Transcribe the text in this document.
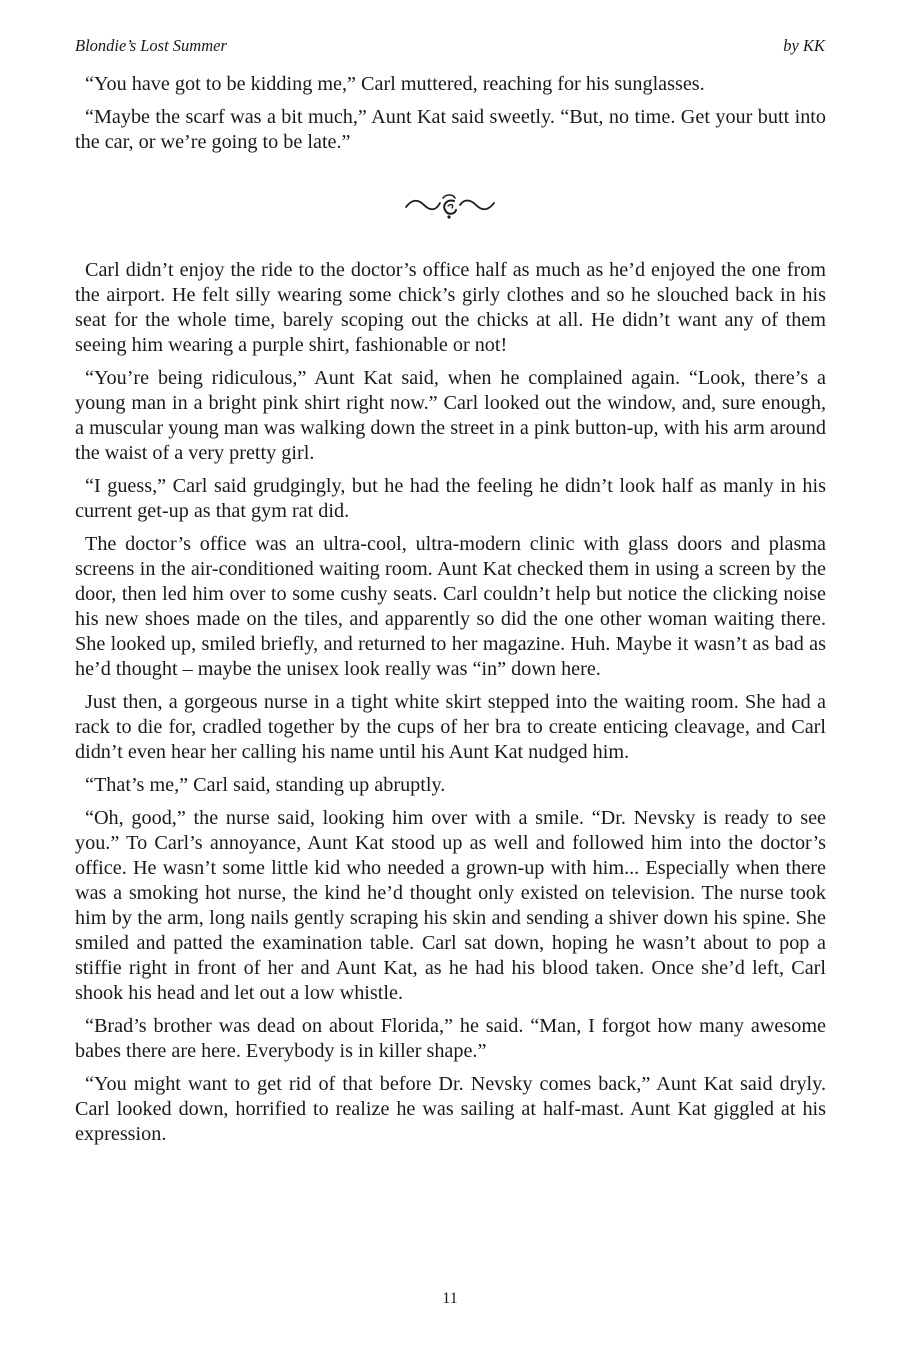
Blondie’s Lost Summer	by KK

“You have got to be kidding me,” Carl muttered, reaching for his sunglasses.

“Maybe the scarf was a bit much,” Aunt Kat said sweetly. “But, no time. Get your butt into the car, or we’re going to be late.”

Carl didn’t enjoy the ride to the doctor’s office half as much as he’d enjoyed the one from the airport. He felt silly wearing some chick’s girly clothes and so he slouched back in his seat for the whole time, barely scoping out the chicks at all. He didn’t want any of them seeing him wearing a purple shirt, fashionable or not!

“You’re being ridiculous,” Aunt Kat said, when he complained again. “Look, there’s a young man in a bright pink shirt right now.” Carl looked out the window, and, sure enough, a muscular young man was walking down the street in a pink button-up, with his arm around the waist of a very pretty girl.

“I guess,” Carl said grudgingly, but he had the feeling he didn’t look half as manly in his current get-up as that gym rat did.

The doctor’s office was an ultra-cool, ultra-modern clinic with glass doors and plasma screens in the air-conditioned waiting room. Aunt Kat checked them in using a screen by the door, then led him over to some cushy seats. Carl couldn’t help but notice the clicking noise his new shoes made on the tiles, and apparently so did the one other woman waiting there. She looked up, smiled briefly, and returned to her magazine. Huh. Maybe it wasn’t as bad as he’d thought – maybe the unisex look really was “in” down here.

Just then, a gorgeous nurse in a tight white skirt stepped into the waiting room. She had a rack to die for, cradled together by the cups of her bra to create enticing cleavage, and Carl didn’t even hear her calling his name until his Aunt Kat nudged him.

“That’s me,” Carl said, standing up abruptly.

“Oh, good,” the nurse said, looking him over with a smile. “Dr. Nevsky is ready to see you.” To Carl’s annoyance, Aunt Kat stood up as well and followed him into the doctor’s office. He wasn’t some little kid who needed a grown-up with him... Especially when there was a smoking hot nurse, the kind he’d thought only existed on television. The nurse took him by the arm, long nails gently scraping his skin and sending a shiver down his spine. She smiled and patted the examination table. Carl sat down, hoping he wasn’t about to pop a stiffie right in front of her and Aunt Kat, as he had his blood taken. Once she’d left, Carl shook his head and let out a low whistle.

“Brad’s brother was dead on about Florida,” he said. “Man, I forgot how many awesome babes there are here. Everybody is in killer shape.”

“You might want to get rid of that before Dr. Nevsky comes back,” Aunt Kat said dryly. Carl looked down, horrified to realize he was sailing at half-mast. Aunt Kat giggled at his expression.

11
